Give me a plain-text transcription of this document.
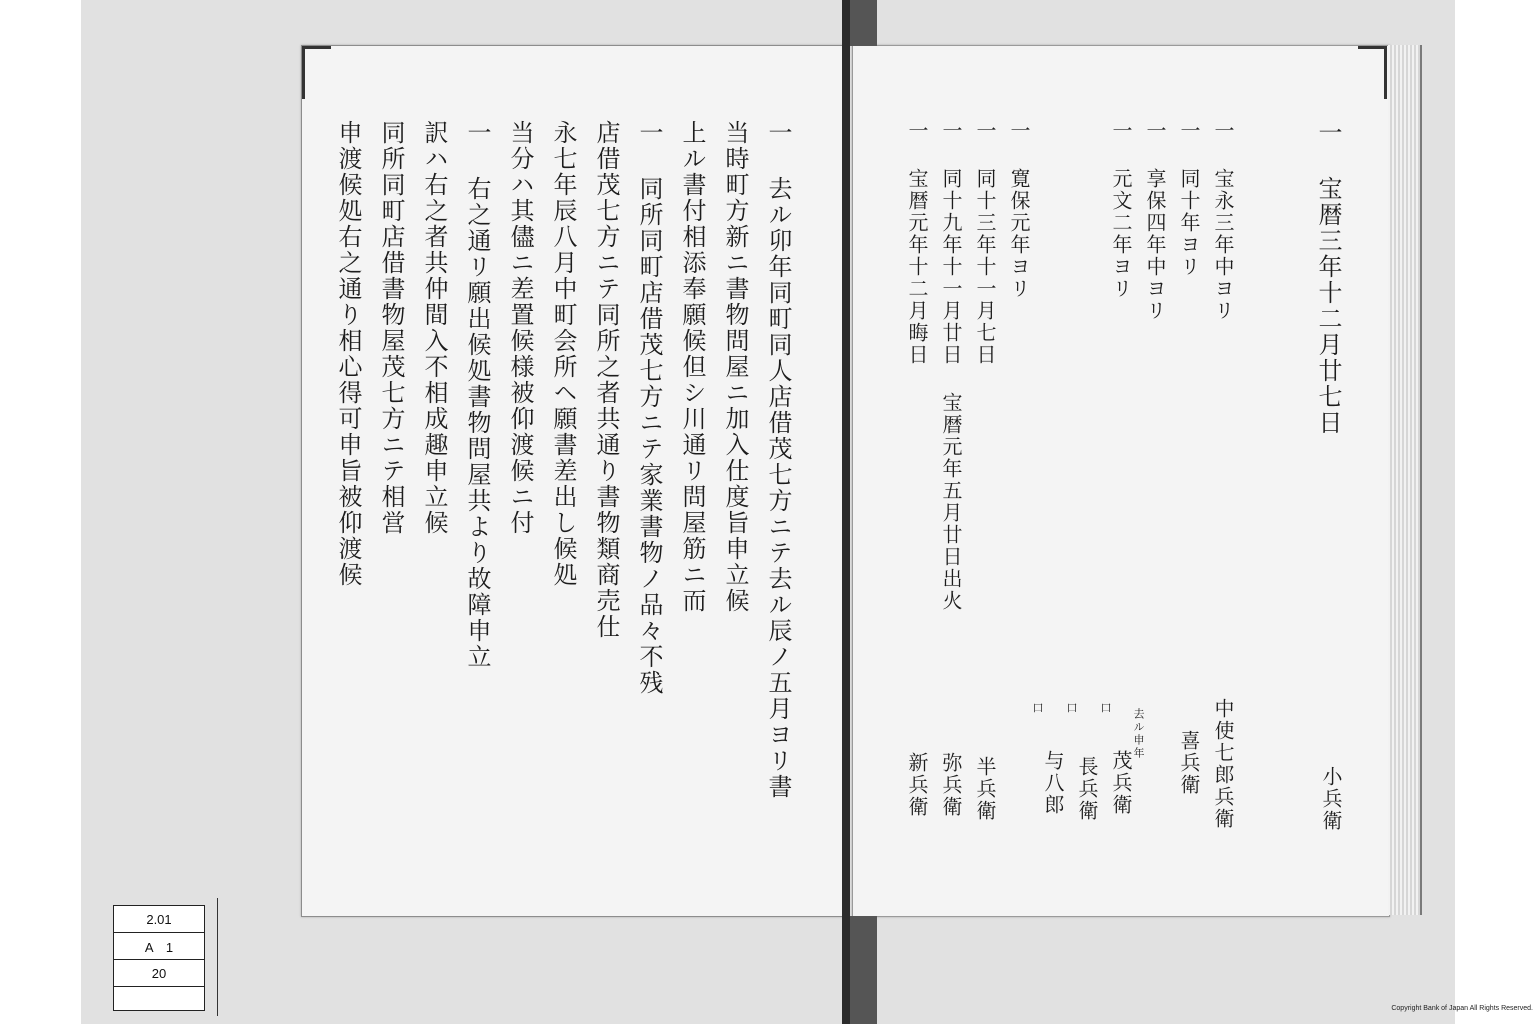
一 去ル卯年同町同人店借茂七方ニテ去ル辰ノ五月ヨリ書
当時町方新ニ書物問屋ニ加入仕度旨申立候
上ル書付相添奉願候但シ川通リ問屋筋ニ而
一 同所同町店借茂七方ニテ家業書物ノ品々不残
店借茂七方ニテ同所之者共通り書物類商売仕
永七年辰八月中町会所ヘ願書差出し候処
当分ハ其儘ニ差置候様被仰渡候ニ付
一 右之通リ願出候処書物問屋共より故障申立
訳ハ右之者共仲間入不相成趣申立候
同所同町店借書物屋茂七方ニテ相営
申渡候処右之通り相心得可申旨被仰渡候	一 宝暦三年十二月廿七日
一 宝永三年中ヨリ
一 同十年ヨリ
一 享保四年中ヨリ
一 元文二年ヨリ
一 寛保元年ヨリ
一 同十三年十一月七日
一 同十九年十一月廿日 宝暦元年五月廿日出火
一 宝暦元年十二月晦日
小兵衛
中使七郎兵衛
喜兵衛
茂兵衛
長兵衛
与八郎
半兵衛
弥兵衛
新兵衛
去ル申年
口
口
口
2.01
A　1
20
Copyright Bank of Japan All Rights Reserved.
